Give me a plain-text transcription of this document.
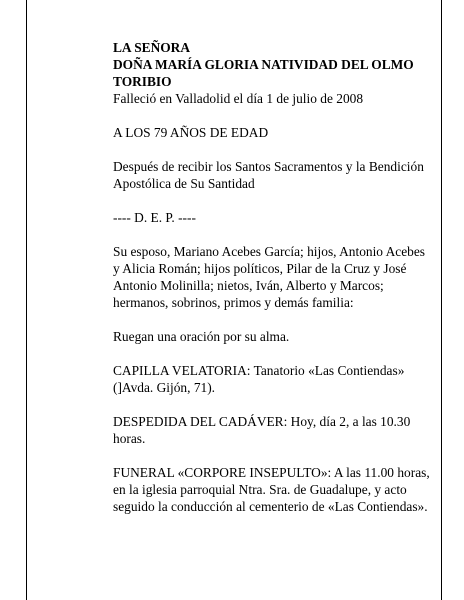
LA SEÑORA

DOÑA MARÍA GLORIA NATIVIDAD DEL OLMO TORIBIO

Falleció en Valladolid el día 1 de julio de 2008

A LOS 79 AÑOS DE EDAD

Después de recibir los Santos Sacramentos y la Bendición Apostólica de Su Santidad

---- D. E. P. ----

Su esposo, Mariano Acebes García; hijos, Antonio Acebes y Alicia Román; hijos políticos, Pilar de la Cruz y José Antonio Molinilla; nietos, Iván, Alberto y Marcos; hermanos, sobrinos, primos y demás familia:

Ruegan una oración por su alma.

CAPILLA VELATORIA: Tanatorio «Las Contiendas» (]Avda. Gijón, 71).

DESPEDIDA DEL CADÁVER: Hoy, día 2, a las 10.30 horas.

FUNERAL «CORPORE INSEPULTO»: A las 11.00 horas, en la iglesia parroquial Ntra. Sra. de Guadalupe, y acto seguido la conducción al cementerio de «Las Contiendas».
